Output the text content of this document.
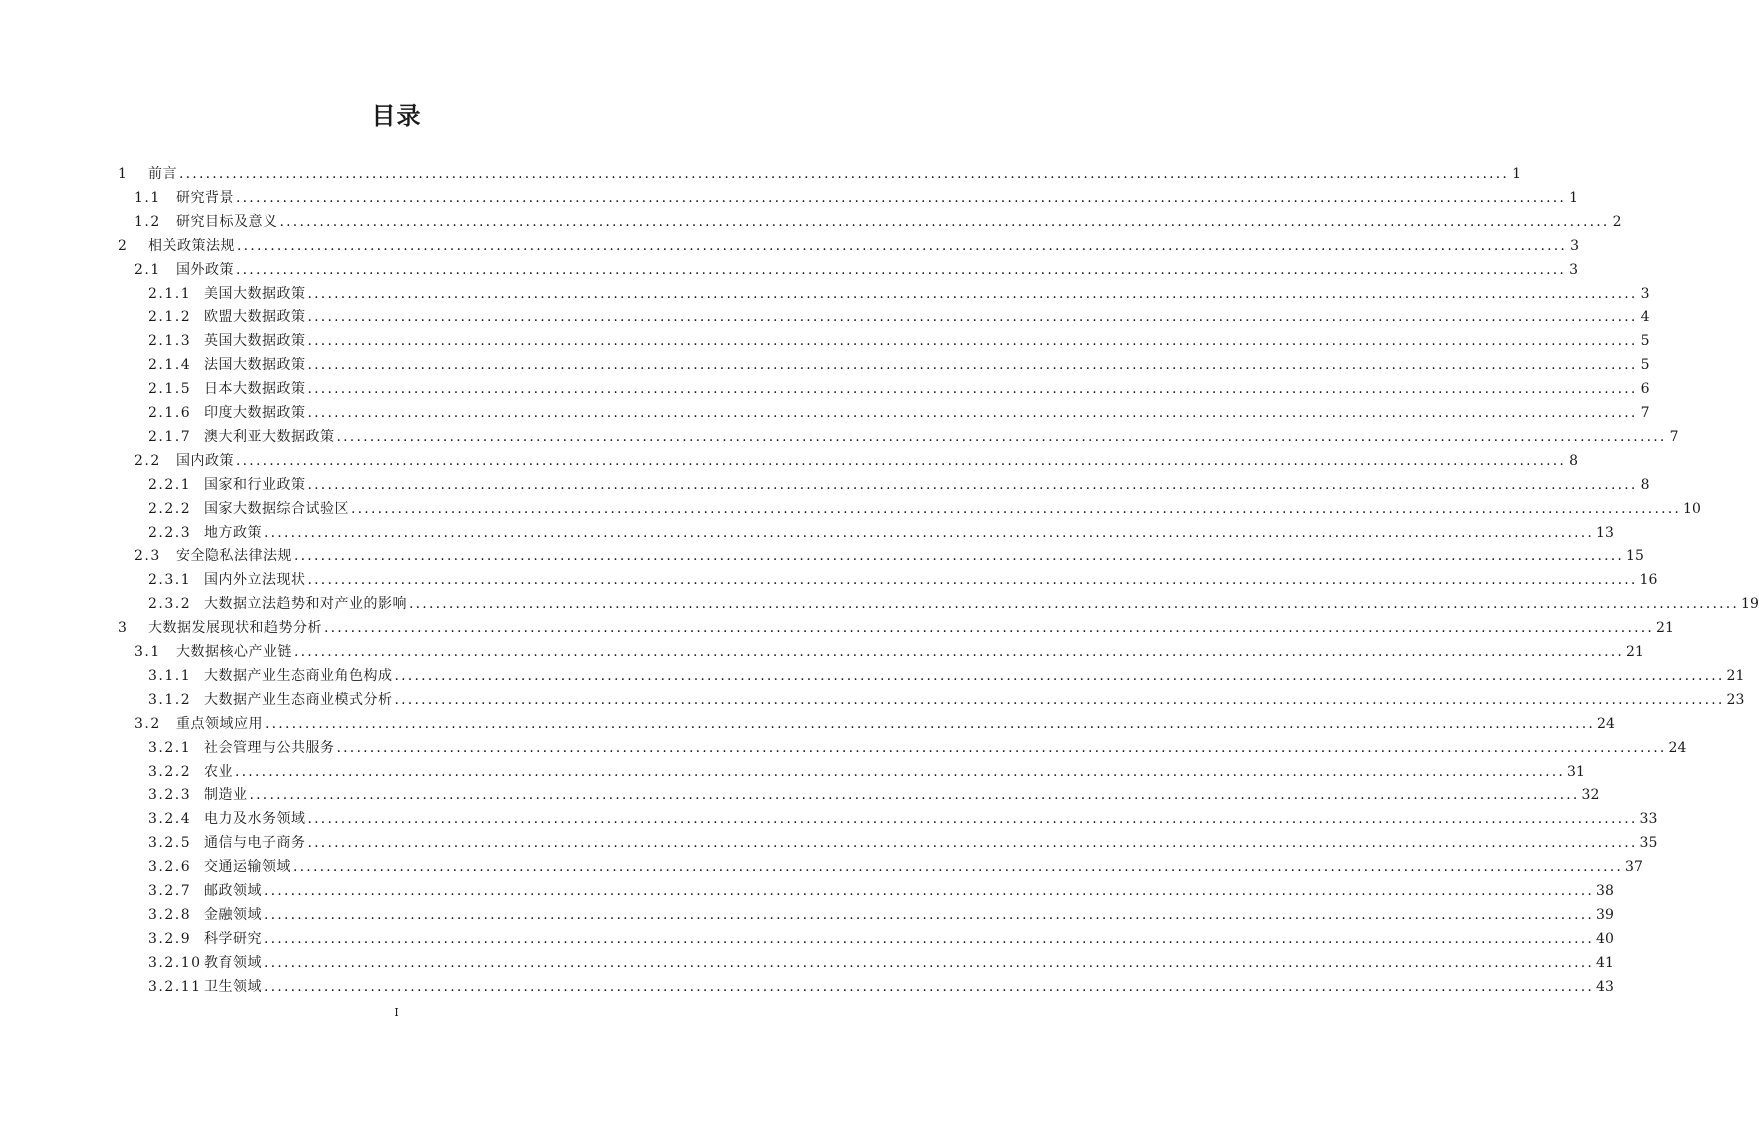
目录
1	前言 ........................................................................................................................................................................................................ 1
1.1	研究背景 ........................................................................................................................................................................................................ 1
1.2	研究目标及意义 ........................................................................................................................................................................................................ 2
2	相关政策法规 ........................................................................................................................................................................................................ 3
2.1	国外政策 ........................................................................................................................................................................................................ 3
2.1.1 美国大数据政策 ........................................................................................................................................................................................................ 3
2.1.2 欧盟大数据政策 ........................................................................................................................................................................................................ 4
2.1.3 英国大数据政策 ........................................................................................................................................................................................................ 5
2.1.4 法国大数据政策 ........................................................................................................................................................................................................ 5
2.1.5 日本大数据政策 ........................................................................................................................................................................................................ 6
2.1.6 印度大数据政策 ........................................................................................................................................................................................................ 7
2.1.7 澳大利亚大数据政策 ........................................................................................................................................................................................................ 7
2.2	国内政策 ........................................................................................................................................................................................................ 8
2.2.1 国家和行业政策 ........................................................................................................................................................................................................ 8
2.2.2 国家大数据综合试验区 ........................................................................................................................................................................................................ 10
2.2.3 地方政策 ........................................................................................................................................................................................................ 13
2.3	安全隐私法律法规 ........................................................................................................................................................................................................ 15
2.3.1 国内外立法现状 ........................................................................................................................................................................................................ 16
2.3.2 大数据立法趋势和对产业的影响 ........................................................................................................................................................................................................ 19
3	大数据发展现状和趋势分析 ........................................................................................................................................................................................................ 21
3.1	大数据核心产业链 ........................................................................................................................................................................................................ 21
3.1.1 大数据产业生态商业角色构成 ........................................................................................................................................................................................................ 21
3.1.2 大数据产业生态商业模式分析 ........................................................................................................................................................................................................ 23
3.2	重点领域应用 ........................................................................................................................................................................................................ 24
3.2.1 社会管理与公共服务 ........................................................................................................................................................................................................ 24
3.2.2 农业 ........................................................................................................................................................................................................ 31
3.2.3 制造业 ........................................................................................................................................................................................................ 32
3.2.4 电力及水务领域 ........................................................................................................................................................................................................ 33
3.2.5 通信与电子商务 ........................................................................................................................................................................................................ 35
3.2.6 交通运输领域 ........................................................................................................................................................................................................ 37
3.2.7 邮政领域 ........................................................................................................................................................................................................ 38
3.2.8 金融领域 ........................................................................................................................................................................................................ 39
3.2.9 科学研究 ........................................................................................................................................................................................................ 40
3.2.10 教育领域 ........................................................................................................................................................................................................ 41
3.2.11 卫生领域 ........................................................................................................................................................................................................ 43
I
